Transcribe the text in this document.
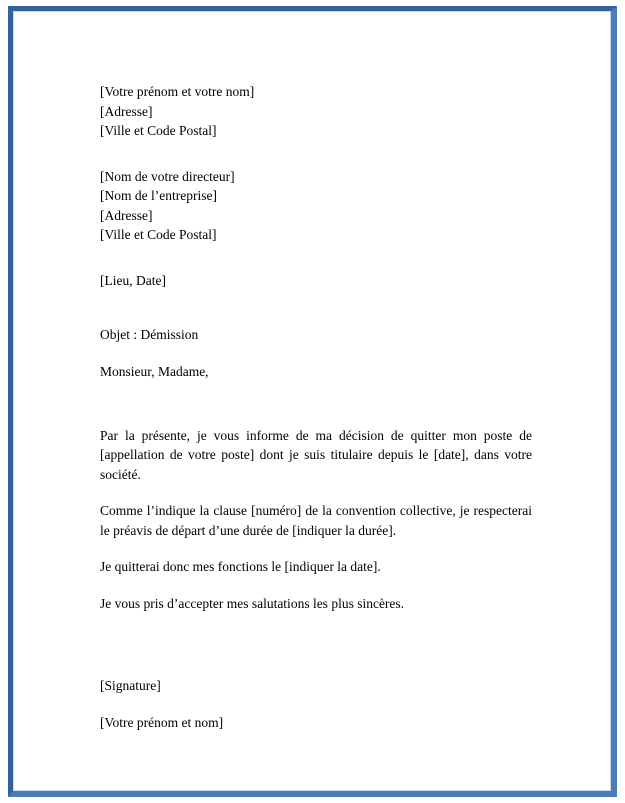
[Votre prénom et votre nom]
[Adresse]
[Ville et Code Postal]
[Nom de votre directeur]
[Nom de l’entreprise]
[Adresse]
[Ville et Code Postal]
[Lieu, Date]
Objet : Démission
Monsieur, Madame,

Par la présente, je vous informe de ma décision de quitter mon poste de [appellation de votre poste] dont je suis titulaire depuis le [date], dans votre société.

Comme l’indique la clause [numéro] de la convention collective, je respecterai le préavis de départ d’une durée de [indiquer la durée].

Je quitterai donc mes fonctions le [indiquer la date].

Je vous pris d’accepter mes salutations les plus sincères.

[Signature]
[Votre prénom et nom]
